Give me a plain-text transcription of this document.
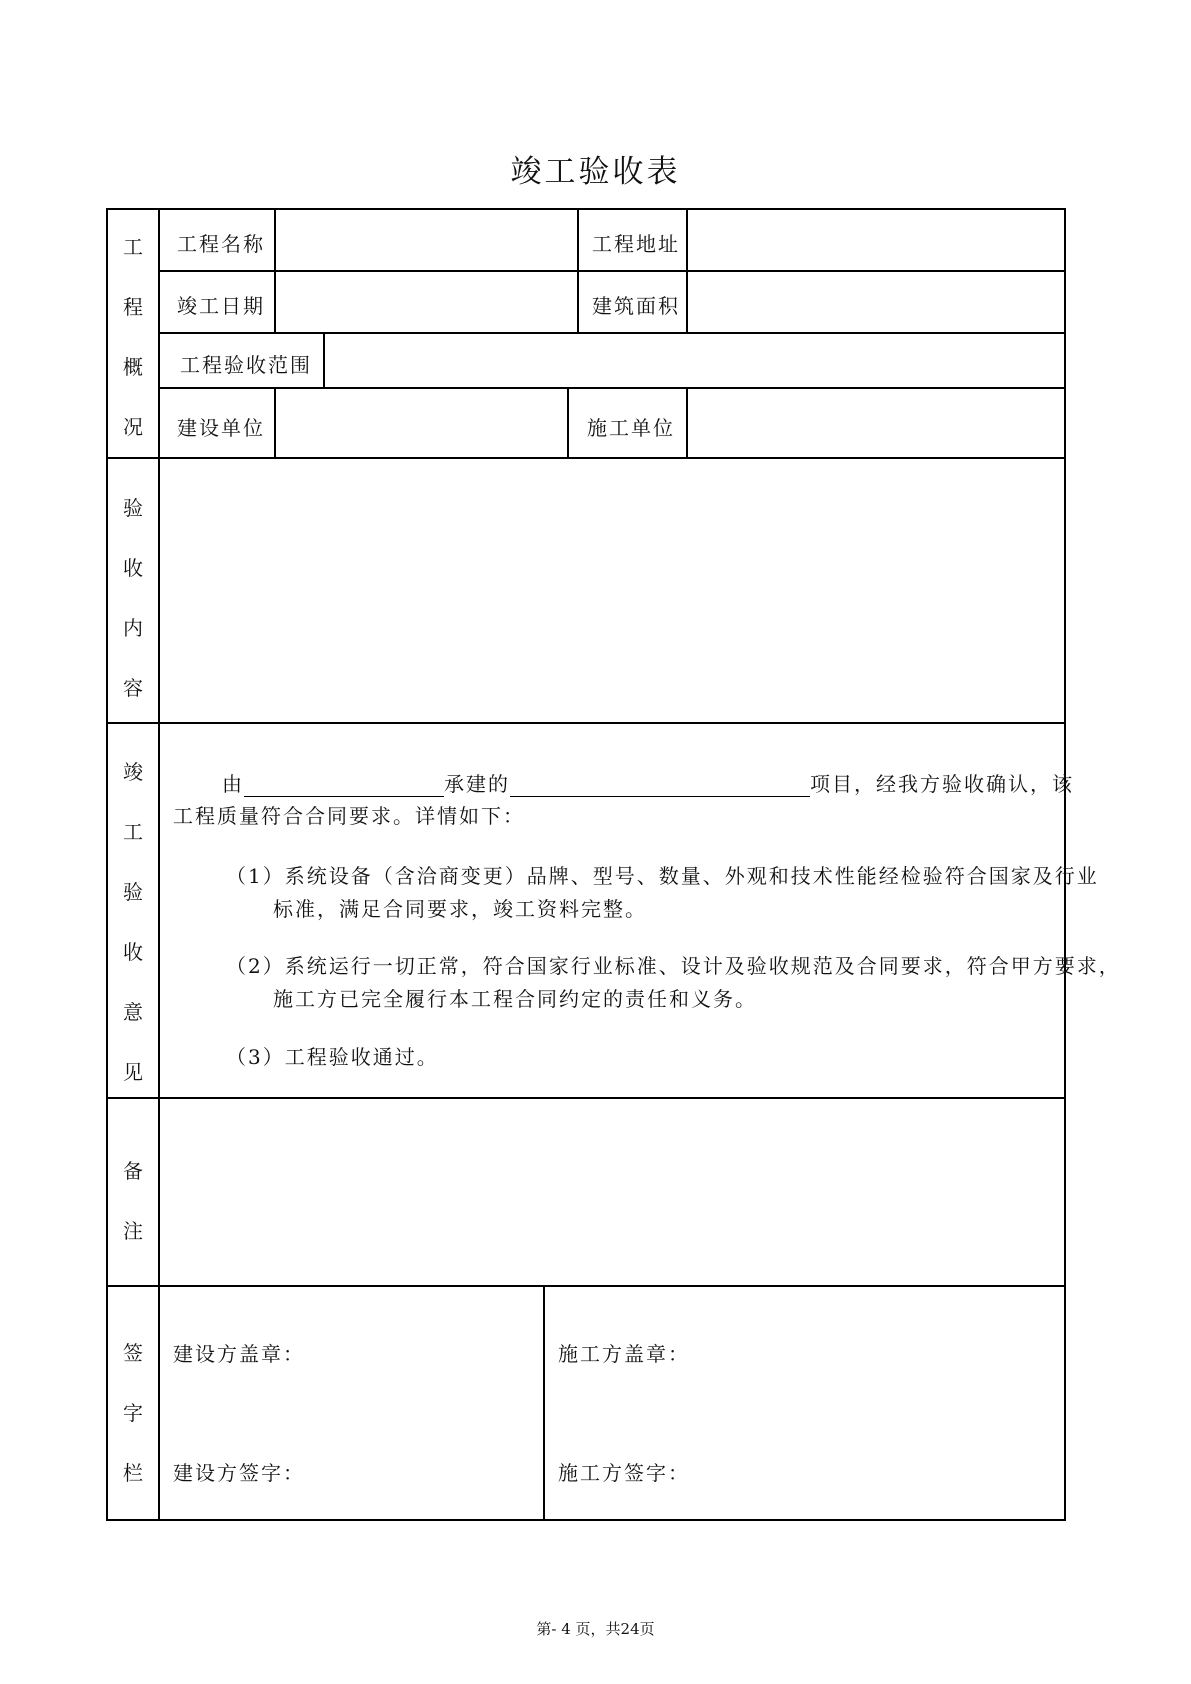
竣工验收表
工
程
概
况
工程名称	工程地址
竣工日期	建筑面积
工程验收范围
建设单位	施工单位
验
收
内
容
竣
工
验
收
意
见
由	承建的	项目，经我方验收确认，该
工程质量符合合同要求。详情如下：
（1）系统设备（含洽商变更）品牌、型号、数量、外观和技术性能经检验符合国家及行业
标准，满足合同要求，竣工资料完整。
（2）系统运行一切正常，符合国家行业标准、设计及验收规范及合同要求，符合甲方要求，
施工方已完全履行本工程合同约定的责任和义务。
（3）工程验收通过。
备
注
签
字
栏
建设方盖章：	施工方盖章：
建设方签字：	施工方签字：
第- 4 页，共24页
